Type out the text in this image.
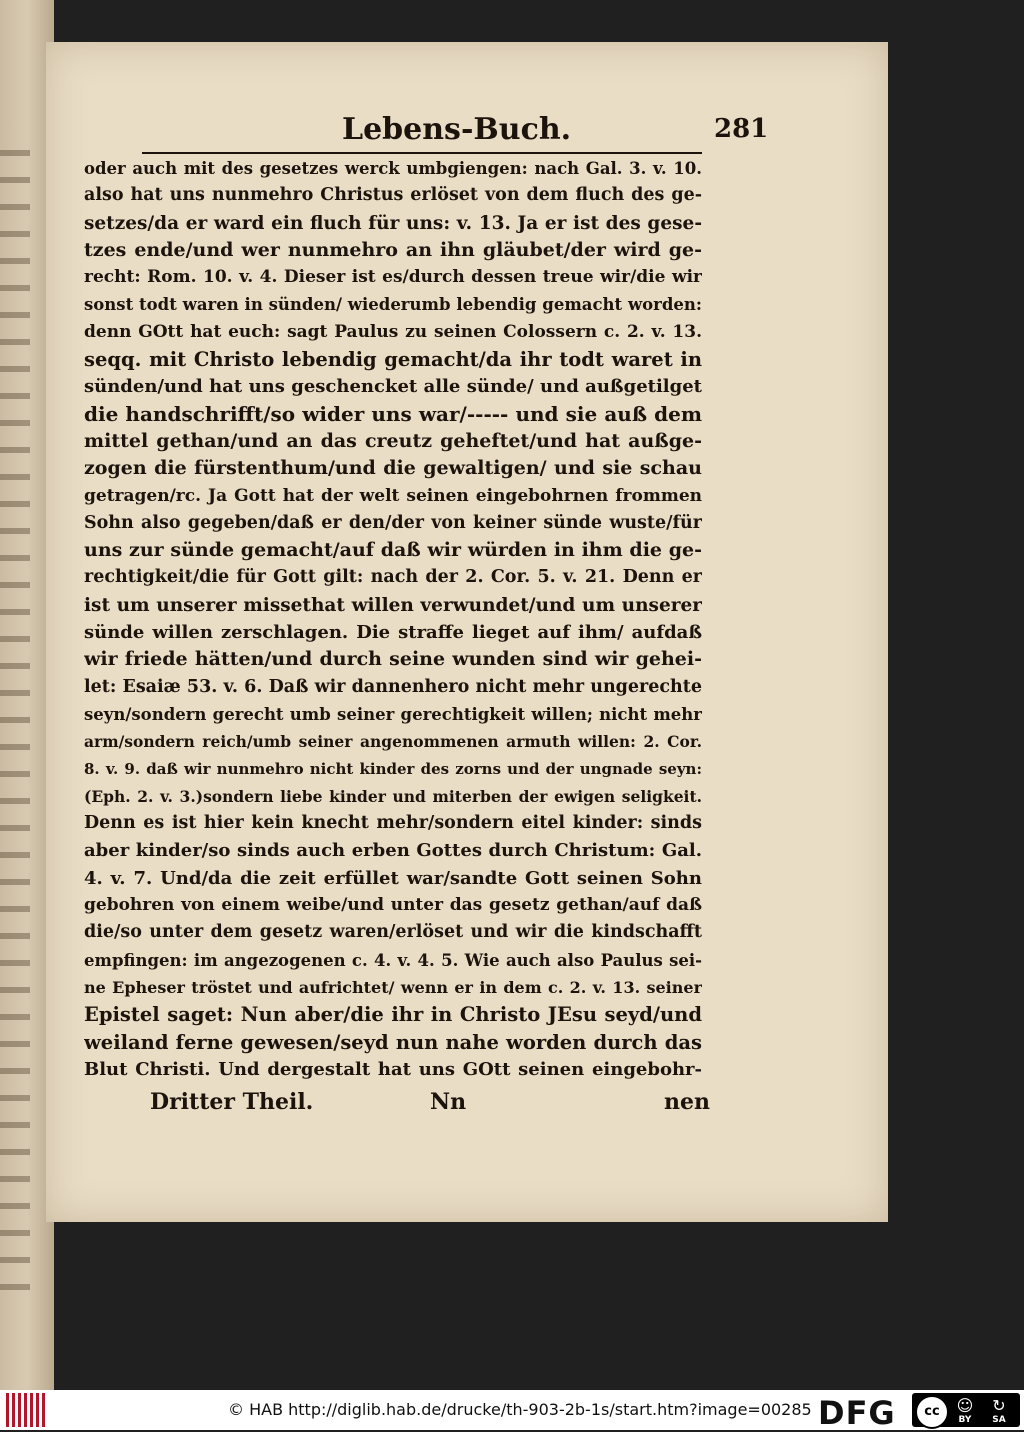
Lebens-Buch.	281
oder auch mit des gesetzes werck umbgiengen: nach Gal. 3. v. 10.
also hat uns nunmehro Christus erlöset von dem fluch des ge-
setzes/da er ward ein fluch für uns: v. 13. Ja er ist des gese-
tzes ende/und wer nunmehro an ihn gläubet/der wird ge-
recht: Rom. 10. v. 4. Dieser ist es/durch dessen treue wir/die wir
sonst todt waren in sünden/ wiederumb lebendig gemacht worden:
denn GOtt hat euch: sagt Paulus zu seinen Colossern c. 2. v. 13.
seqq. mit Christo lebendig gemacht/da ihr todt waret in
sünden/und hat uns geschencket alle sünde/ und außgetilget
die handschrifft/so wider uns war/----- und sie auß dem
mittel gethan/und an das creutz geheftet/und hat außge-
zogen die fürstenthum/und die gewaltigen/ und sie schau
getragen/rc. Ja Gott hat der welt seinen eingebohrnen frommen
Sohn also gegeben/daß er den/der von keiner sünde wuste/für
uns zur sünde gemacht/auf daß wir würden in ihm die ge-
rechtigkeit/die für Gott gilt: nach der 2. Cor. 5. v. 21. Denn er
ist um unserer missethat willen verwundet/und um unserer
sünde willen zerschlagen. Die straffe lieget auf ihm/ aufdaß
wir friede hätten/und durch seine wunden sind wir gehei-
let: Esaiæ 53. v. 6. Daß wir dannenhero nicht mehr ungerechte
seyn/sondern gerecht umb seiner gerechtigkeit willen; nicht mehr
arm/sondern reich/umb seiner angenommenen armuth willen: 2. Cor.
8. v. 9. daß wir nunmehro nicht kinder des zorns und der ungnade seyn:
(Eph. 2. v. 3.)sondern liebe kinder und miterben der ewigen seligkeit.
Denn es ist hier kein knecht mehr/sondern eitel kinder: sinds
aber kinder/so sinds auch erben Gottes durch Christum: Gal.
4. v. 7. Und/da die zeit erfüllet war/sandte Gott seinen Sohn
gebohren von einem weibe/und unter das gesetz gethan/auf daß
die/so unter dem gesetz waren/erlöset und wir die kindschafft
empfingen: im angezogenen c. 4. v. 4. 5. Wie auch also Paulus sei-
ne Epheser tröstet und aufrichtet/ wenn er in dem c. 2. v. 13. seiner
Epistel saget: Nun aber/die ihr in Christo JEsu seyd/und
weiland ferne gewesen/seyd nun nahe worden durch das
Blut Christi. Und dergestalt hat uns GOtt seinen eingebohr-
Dritter Theil.	Nn	nen
© HAB http://diglib.hab.de/drucke/th-903-2b-1s/start.htm?image=00285 DFG	cc	☺	↻
BY	SA
